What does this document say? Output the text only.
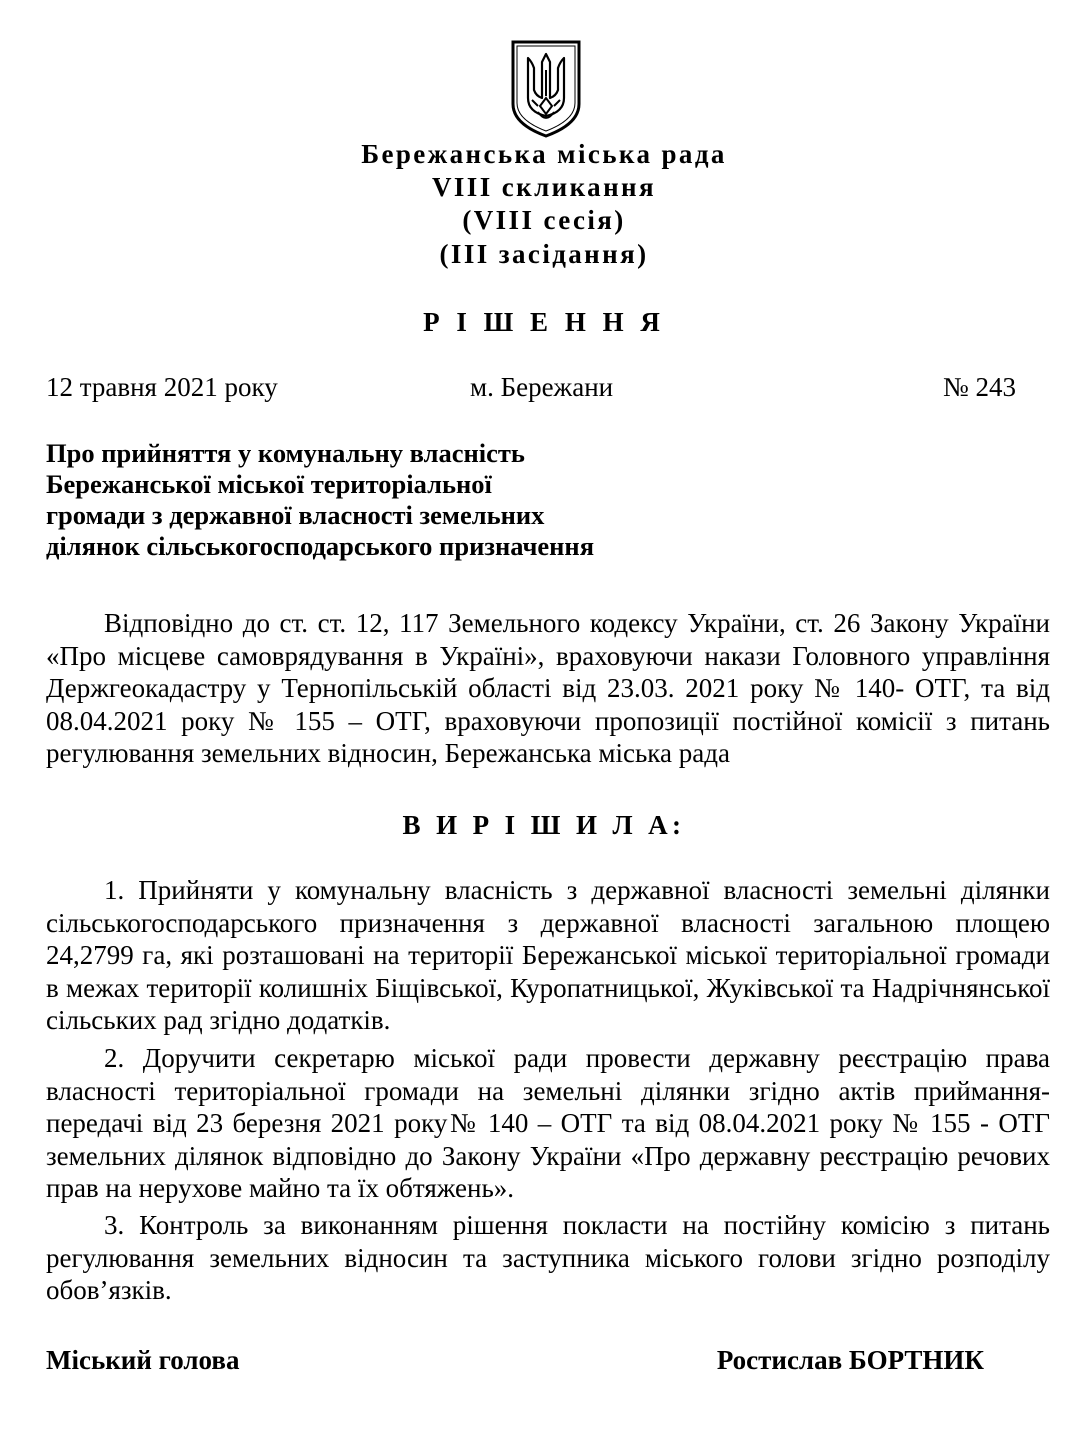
Бережанська міська рада
VIII скликання
(VIII сесія)
(ІІІ засідання)
Р І Ш Е Н Н Я
12 травня 2021 року	м. Бережани	№ 243
Про прийняття у комунальну власність
Бережанської міської територіальної
громади з державної власності земельних
ділянок сільськогосподарського призначення

Відповідно до ст. ст. 12, 117 Земельного кодексу України, ст. 26 Закону України «Про місцеве самоврядування в Україні», враховуючи накази Головного управління Держгеокадастру у Тернопільській області від 23.03. 2021 року № 140- ОТГ, та від 08.04.2021 року № 155 – ОТГ, враховуючи пропозиції постійної комісії з питань регулювання земельних відносин, Бережанська міська рада

В И Р І Ш И Л А:

1. Прийняти у комунальну власність з державної власності земельні ділянки сільськогосподарського призначення з державної власності загальною площею 24,2799 га, які розташовані на території Бережанської міської територіальної громади в межах території колишніх Біщівської, Куропатницької, Жуківської та Надрічнянської сільських рад згідно додатків.

2. Доручити секретарю міської ради провести державну реєстрацію права власності територіальної громади на земельні ділянки згідно актів приймання-передачі від 23 березня 2021 року№ 140 – ОТГ та від 08.04.2021 року № 155 - ОТГ земельних ділянок відповідно до Закону України «Про державну реєстрацію речових прав на нерухове майно та їх обтяжень».

3. Контроль за виконанням рішення покласти на постійну комісію з питань регулювання земельних відносин та заступника міського голови згідно розподілу обов’язків.

Міський голова	Ростислав БОРТНИК
